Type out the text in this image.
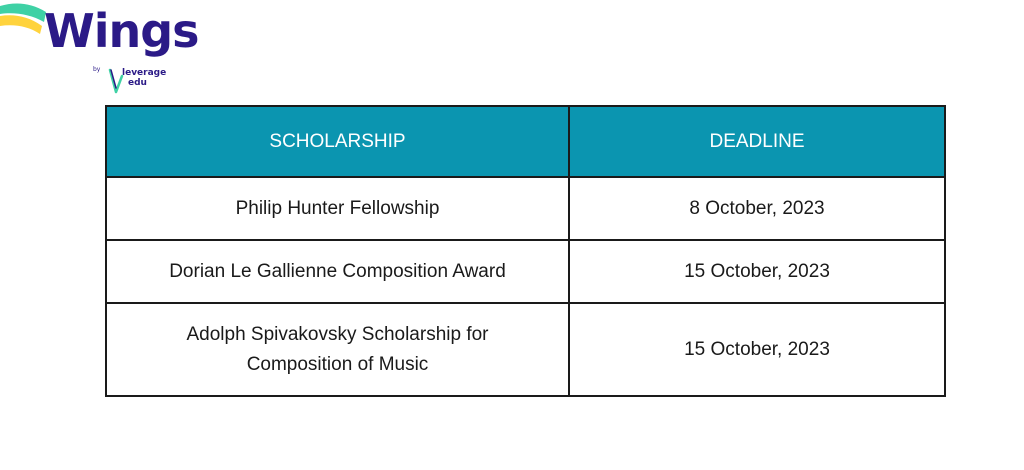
Wings
by leverage
edu
SCHOLARSHIP	DEADLINE
Philip Hunter Fellowship	8 October, 2023
Dorian Le Gallienne Composition Award	15 October, 2023
Adolph Spivakovsky Scholarship for Composition of Music	15 October, 2023
